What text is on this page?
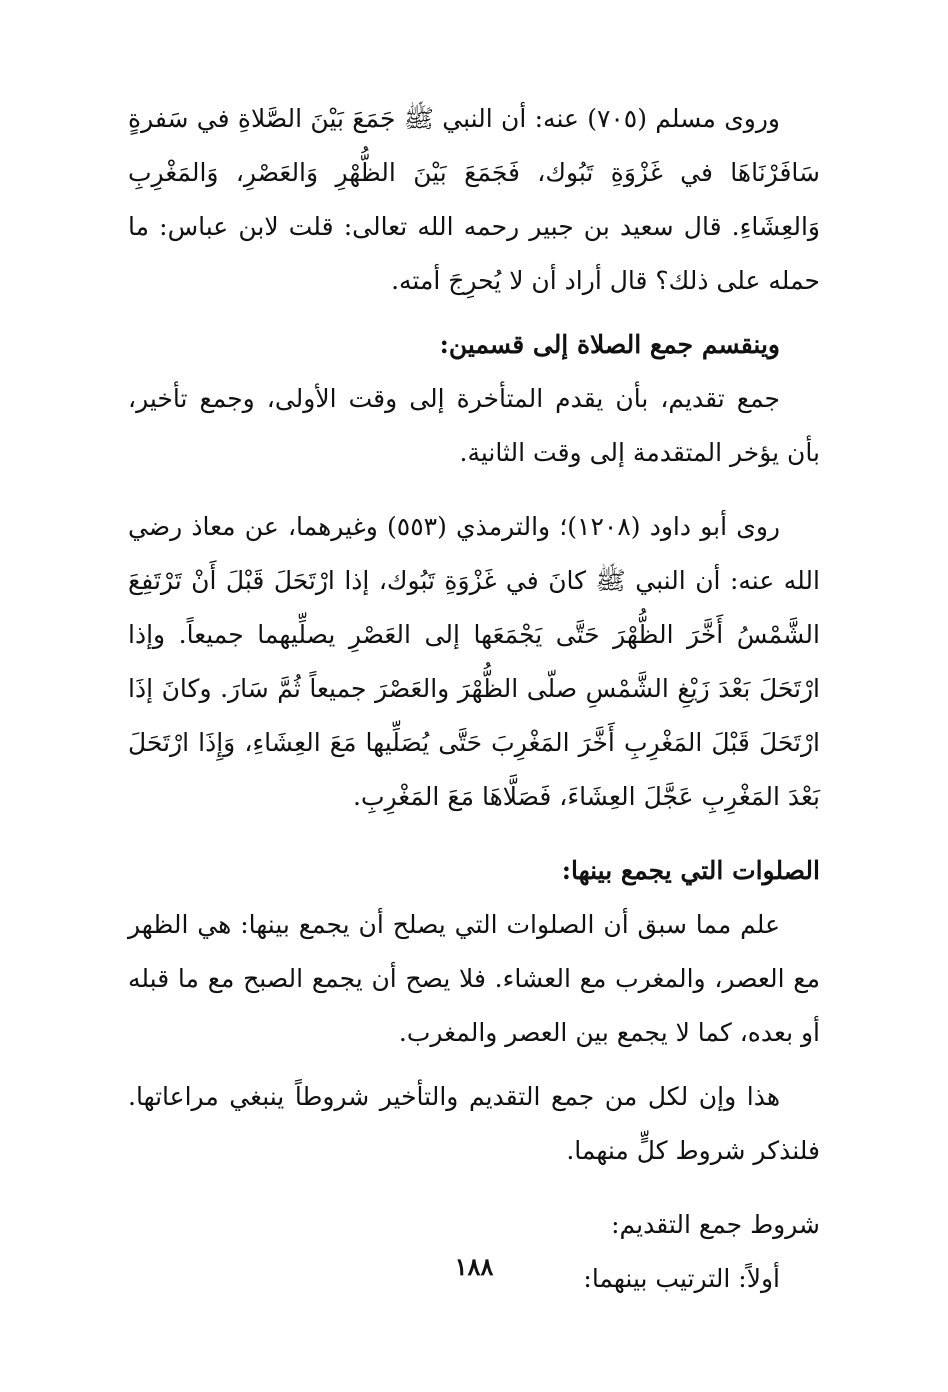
وروى مسلم (٧٠٥) عنه: أن النبي ﷺ جَمَعَ بَيْنَ الصَّلاةِ في سَفرةٍ سَافَرْنَاهَا في غَزْوَةِ تَبُوك، فَجَمَعَ بَيْنَ الظُّهْرِ وَالعَصْرِ، وَالمَغْرِبِ وَالعِشَاءِ. قال سعيد بن جبير رحمه الله تعالى: قلت لابن عباس: ما حمله على ذلك؟ قال أراد أن لا يُحرِجَ أمته.

وينقسم جمع الصلاة إلى قسمين:

جمع تقديم، بأن يقدم المتأخرة إلى وقت الأولى، وجمع تأخير، بأن يؤخر المتقدمة إلى وقت الثانية.

روى أبو داود (١٢٠٨)؛ والترمذي (٥٥٣) وغيرهما، عن معاذ رضي الله عنه: أن النبي ﷺ كانَ في غَزْوَةِ تَبُوك، إذا ارْتَحَلَ قَبْلَ أَنْ تَرْتَفِعَ الشَّمْسُ أَخَّرَ الظُّهْرَ حَتَّى يَجْمَعَها إلى العَصْرِ يصلِّيهما جميعاً. وإذا ارْتَحَلَ بَعْدَ زَيْغِ الشَّمْسِ صلّى الظُّهْرَ والعَصْرَ جميعاً ثُمَّ سَارَ. وكانَ إذَا ارْتَحَلَ قَبْلَ المَغْرِبِ أَخَّرَ المَغْرِبَ حَتَّى يُصَلِّيها مَعَ العِشَاءِ، وَإِذَا ارْتَحَلَ بَعْدَ المَغْرِبِ عَجَّلَ العِشَاءَ، فَصَلَّاهَا مَعَ المَغْرِبِ.

الصلوات التي يجمع بينها:

علم مما سبق أن الصلوات التي يصلح أن يجمع بينها: هي الظهر مع العصر، والمغرب مع العشاء. فلا يصح أن يجمع الصبح مع ما قبله أو بعده، كما لا يجمع بين العصر والمغرب.

هذا وإن لكل من جمع التقديم والتأخير شروطاً ينبغي مراعاتها. فلنذكر شروط كلٍّ منهما.

شروط جمع التقديم:

أولاً: الترتيب بينهما:

١٨٨
